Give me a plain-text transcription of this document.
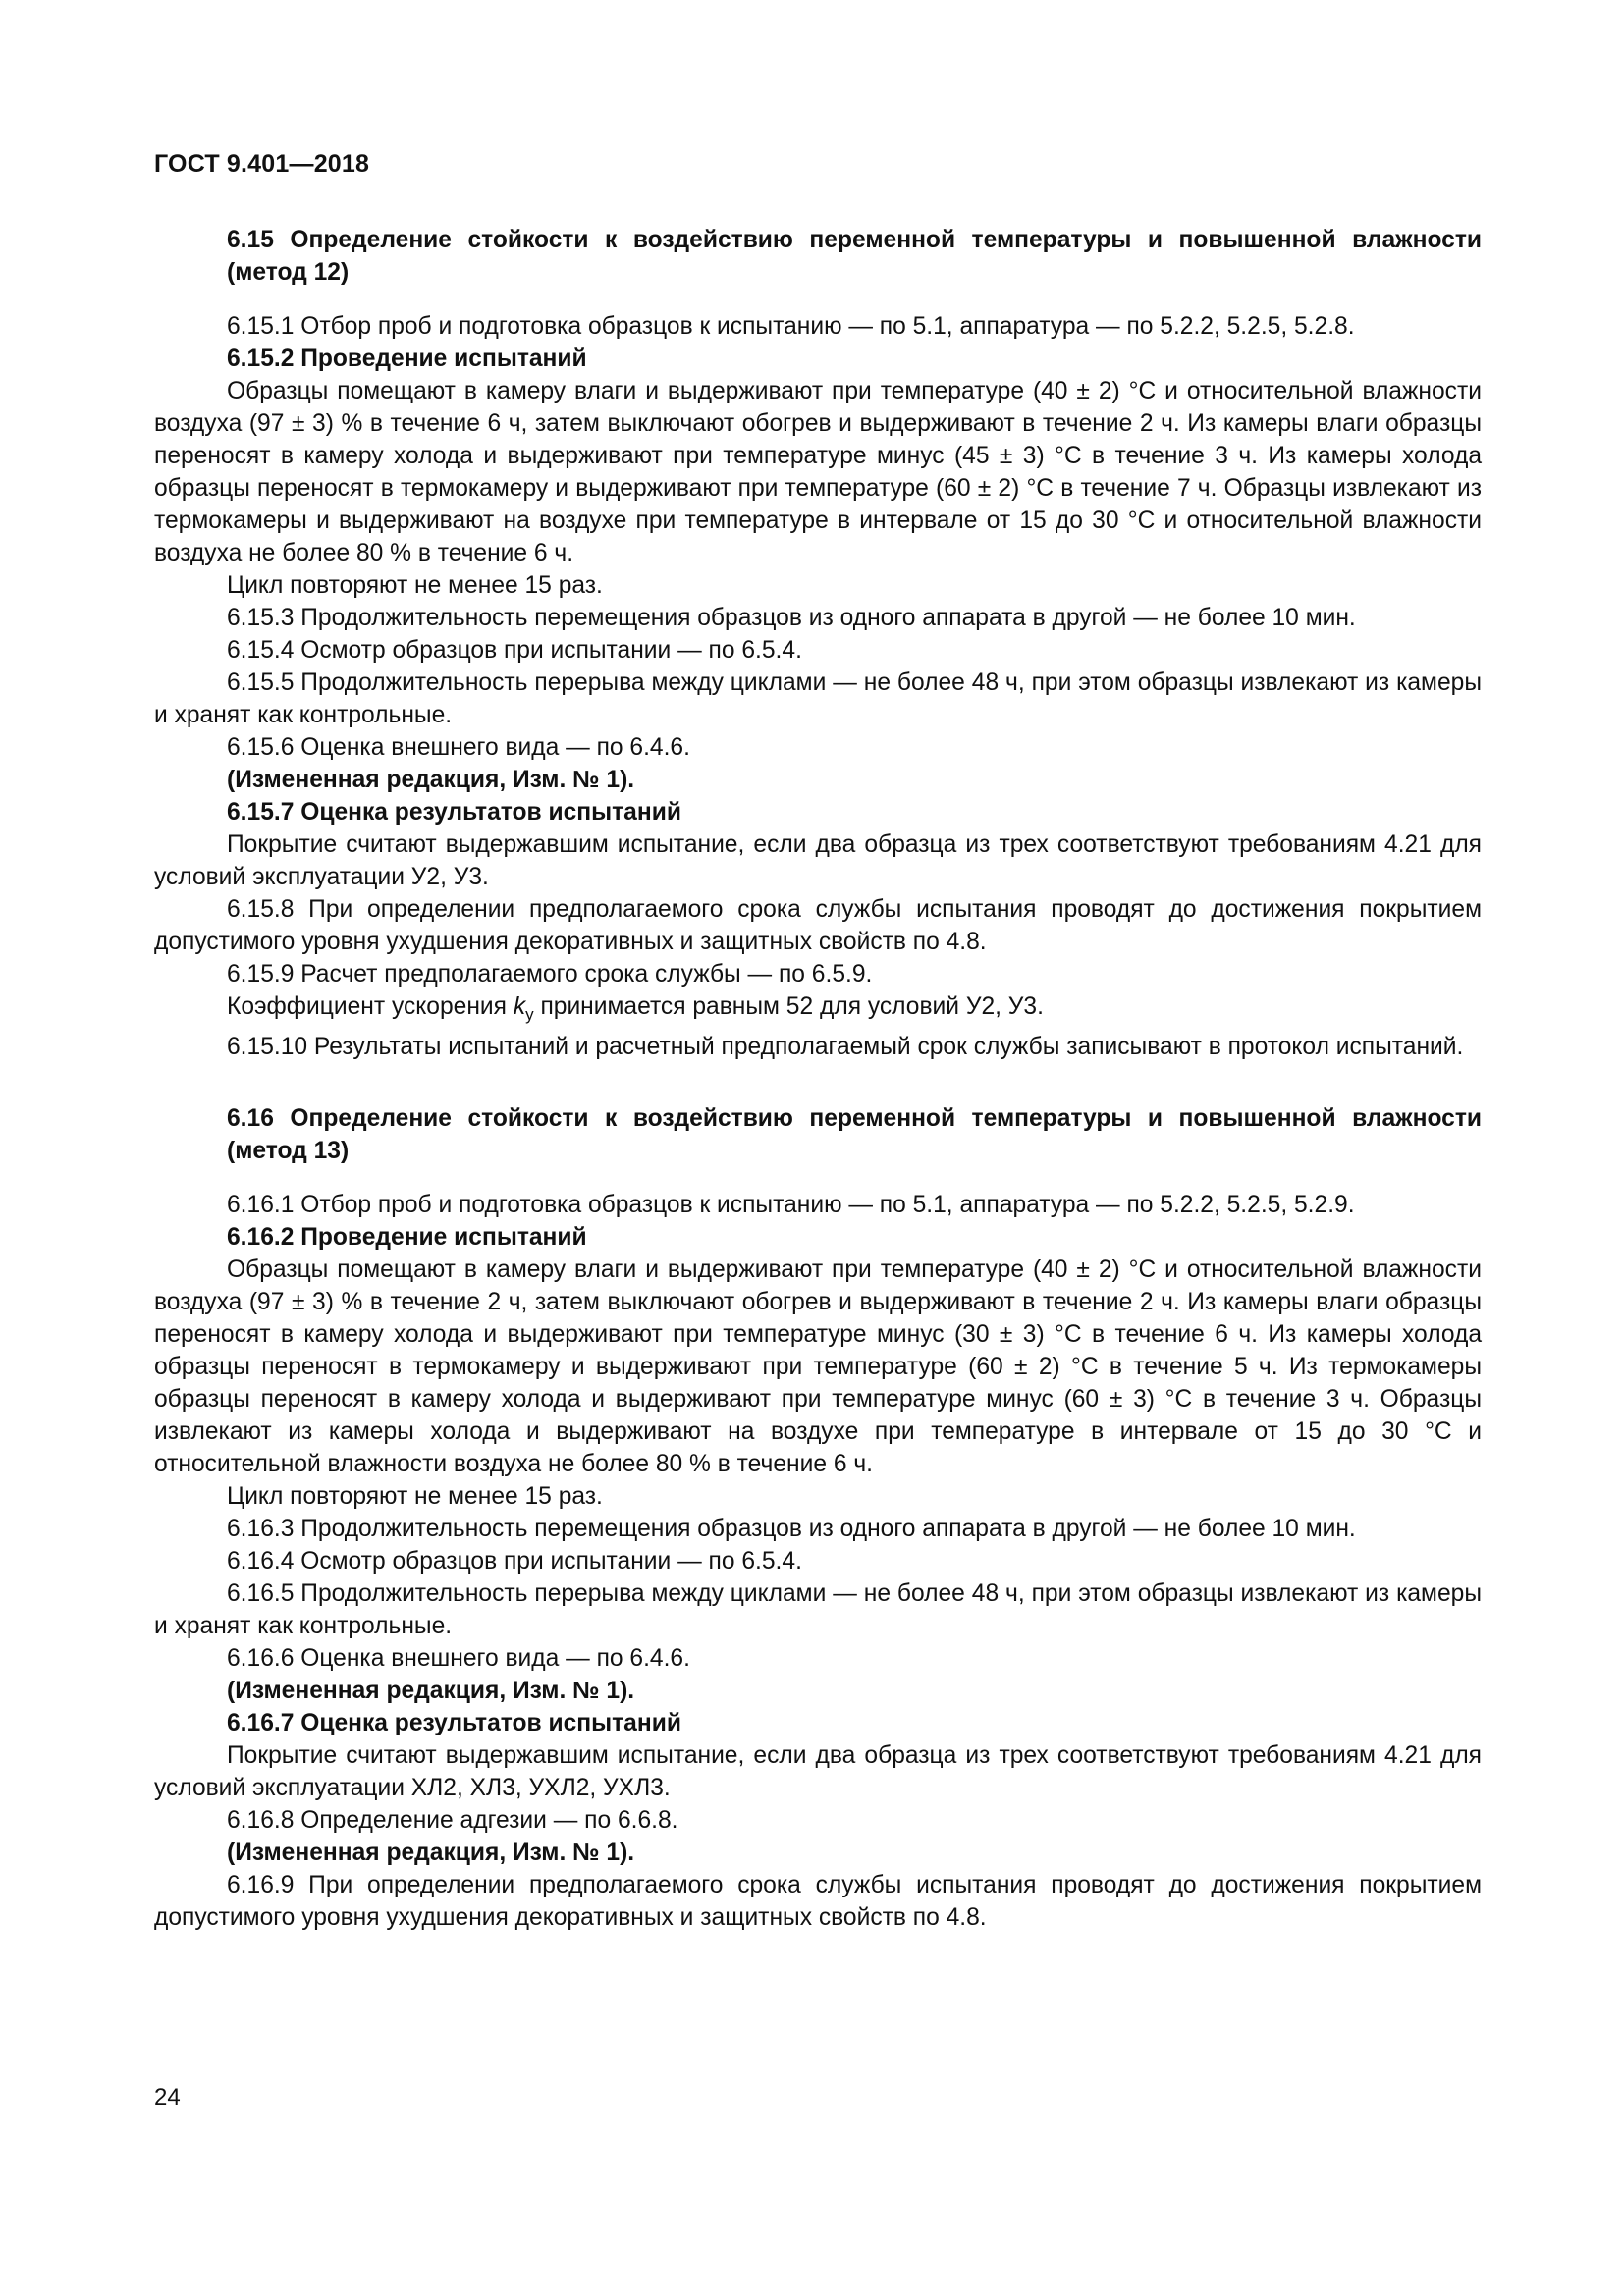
ГОСТ 9.401—2018

6.15 Определение стойкости к воздействию переменной температуры и повышенной влажности (метод 12)

6.15.1 Отбор проб и подготовка образцов к испытанию — по 5.1, аппаратура — по 5.2.2, 5.2.5, 5.2.8.

6.15.2 Проведение испытаний

Образцы помещают в камеру влаги и выдерживают при температуре (40 ± 2) °С и относительной влажности воздуха (97 ± 3) % в течение 6 ч, затем выключают обогрев и выдерживают в течение 2 ч. Из камеры влаги образцы переносят в камеру холода и выдерживают при температуре минус (45 ± 3) °С в течение 3 ч. Из камеры холода образцы переносят в термокамеру и выдерживают при температуре (60 ± 2) °С в течение 7 ч. Образцы извлекают из термокамеры и выдерживают на воздухе при температуре в интервале от 15 до 30 °С и относительной влажности воздуха не более 80 % в течение 6 ч.

Цикл повторяют не менее 15 раз.

6.15.3 Продолжительность перемещения образцов из одного аппарата в другой — не более 10 мин.

6.15.4 Осмотр образцов при испытании — по 6.5.4.

6.15.5 Продолжительность перерыва между циклами — не более 48 ч, при этом образцы извлекают из камеры и хранят как контрольные.

6.15.6 Оценка внешнего вида — по 6.4.6.

(Измененная редакция, Изм. № 1).

6.15.7 Оценка результатов испытаний

Покрытие считают выдержавшим испытание, если два образца из трех соответствуют требованиям 4.21 для условий эксплуатации У2, У3.

6.15.8 При определении предполагаемого срока службы испытания проводят до достижения покрытием допустимого уровня ухудшения декоративных и защитных свойств по 4.8.

6.15.9 Расчет предполагаемого срока службы — по 6.5.9.

Коэффициент ускорения $k_у$ принимается равным 52 для условий У2, У3.

6.15.10 Результаты испытаний и расчетный предполагаемый срок службы записывают в протокол испытаний.

6.16 Определение стойкости к воздействию переменной температуры и повышенной влажности (метод 13)

6.16.1 Отбор проб и подготовка образцов к испытанию — по 5.1, аппаратура — по 5.2.2, 5.2.5, 5.2.9.

6.16.2 Проведение испытаний

Образцы помещают в камеру влаги и выдерживают при температуре (40 ± 2) °С и относительной влажности воздуха (97 ± 3) % в течение 2 ч, затем выключают обогрев и выдерживают в течение 2 ч. Из камеры влаги образцы переносят в камеру холода и выдерживают при температуре минус (30 ± 3) °С в течение 6 ч. Из камеры холода образцы переносят в термокамеру и выдерживают при температуре (60 ± 2) °С в течение 5 ч. Из термокамеры образцы переносят в камеру холода и выдерживают при температуре минус (60 ± 3) °С в течение 3 ч. Образцы извлекают из камеры холода и выдерживают на воздухе при температуре в интервале от 15 до 30 °С и относительной влажности воздуха не более 80 % в течение 6 ч.

Цикл повторяют не менее 15 раз.

6.16.3 Продолжительность перемещения образцов из одного аппарата в другой — не более 10 мин.

6.16.4 Осмотр образцов при испытании — по 6.5.4.

6.16.5 Продолжительность перерыва между циклами — не более 48 ч, при этом образцы извлекают из камеры и хранят как контрольные.

6.16.6 Оценка внешнего вида — по 6.4.6.

(Измененная редакция, Изм. № 1).

6.16.7 Оценка результатов испытаний

Покрытие считают выдержавшим испытание, если два образца из трех соответствуют требованиям 4.21 для условий эксплуатации ХЛ2, ХЛ3, УХЛ2, УХЛ3.

6.16.8 Определение адгезии — по 6.6.8.

(Измененная редакция, Изм. № 1).

6.16.9 При определении предполагаемого срока службы испытания проводят до достижения покрытием допустимого уровня ухудшения декоративных и защитных свойств по 4.8.

24
